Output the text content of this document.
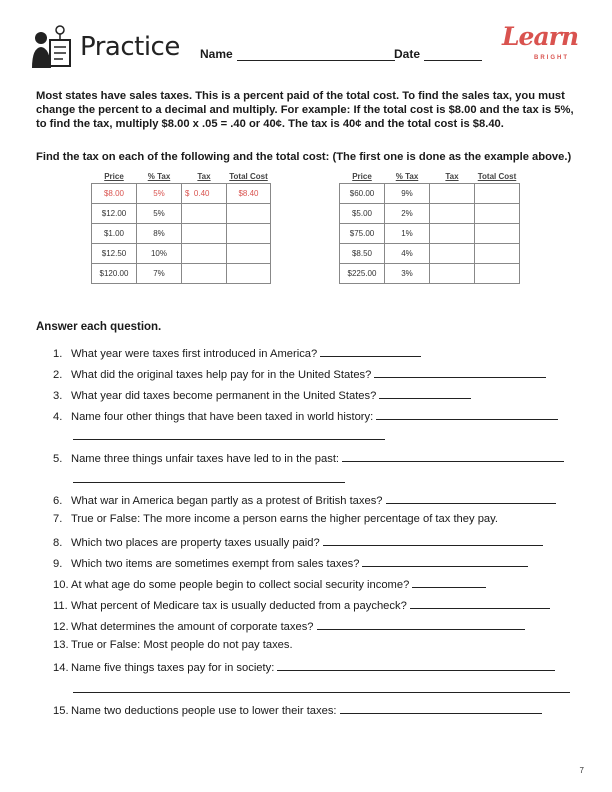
Practice Name	Date
Learn
BRIGHT
Most states have sales taxes. This is a percent paid of the total cost. To find the sales tax, you must change the percent to a decimal and multiply. For example: If the total cost is $8.00 and the tax is 5%, to find the tax, multiply $8.00 x .05 = .40 or 40¢. The tax is 40¢ and the total cost is $8.40.
Find the tax on each of the following and the total cost: (The first one is done as the example above.)
Price	% Tax	Tax	Total Cost
$8.00	5%	$ 0.40	$8.40
$12.00	5%		
$1.00	8%		
$12.50	10%		
$120.00	7%		
Price	% Tax	Tax	Total Cost
$60.00	9%		
$5.00	2%		
$75.00	1%		
$8.50	4%		
$225.00	3%		
Answer each question.
1. What year were taxes first introduced in America?
2. What did the original taxes help pay for in the United States?
3. What year did taxes become permanent in the United States?
4. Name four other things that have been taxed in world history:
5. Name three things unfair taxes have led to in the past:
6. What war in America began partly as a protest of British taxes?
7. True or False: The more income a person earns the higher percentage of tax they pay.
8. Which two places are property taxes usually paid?
9. Which two items are sometimes exempt from sales taxes?
10. At what age do some people begin to collect social security income?
11. What percent of Medicare tax is usually deducted from a paycheck?
12. What determines the amount of corporate taxes?
13. True or False: Most people do not pay taxes.
14. Name five things taxes pay for in society:
15. Name two deductions people use to lower their taxes:
7
